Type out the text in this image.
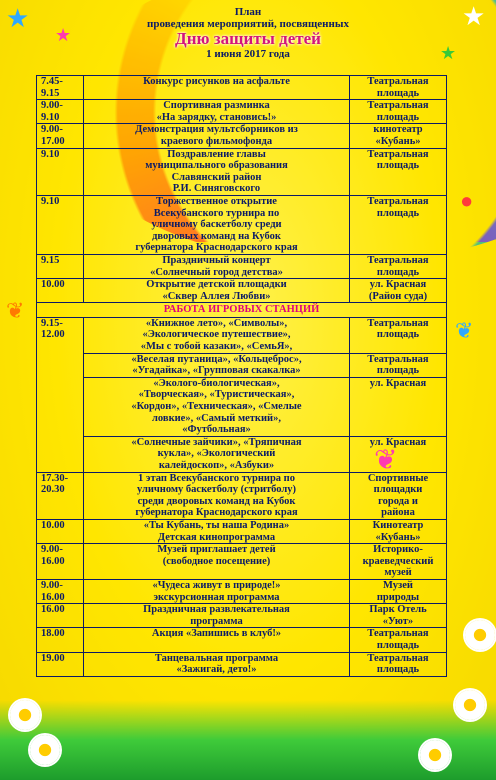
★	★
★
★
❦
●
❦
❦
План
проведения мероприятий, посвященных
Дню защиты детей
1 июня 2017 года
7.45-
9.15	Конкурс рисунков на асфальте	Театральная
площадь
9.00-
9.10	Спортивная разминка
«На зарядку, становись!»	Театральная
площадь
9.00-
17.00	Демонстрация мультсборников из
краевого фильмофонда	кинотеатр
«Кубань»
9.10	Поздравление главы
муниципального образования
Славянский район
Р.И. Синяговского	Театральная
площадь
9.10	Торжественное открытие
Всекубанского турнира по
уличному баскетболу среди
дворовых команд на Кубок
губернатора Краснодарского края	Театральная
площадь
9.15	Праздничный концерт
«Солнечный город детства»	Театральная
площадь
10.00	Открытие детской площадки
«Сквер Аллея Любви»	ул. Красная
(Район суда)
РАБОТА ИГРОВЫХ СТАНЦИЙ		
9.15-
12.00	«Книжное лето», «Символы»,
«Экологическое путешествие»,
«Мы с тобой казаки», «СемьЯ»,	Театральная
площадь
	«Веселая путаница», «Кольцеброс»,
«Угадайка», «Групповая скакалка»	Театральная
площадь
	«Эколого-биологическая»,
«Творческая», «Туристическая»,
«Кордон», «Техническая», «Смелые
ловкие», «Самый меткий»,
«Футбольная»	ул. Красная
	«Солнечные зайчики», «Тряпичная
кукла», «Экологический
калейдоскоп», «Азбуки»	ул. Красная
17.30-
20.30	1 этап Всекубанского турнира по
уличному баскетболу (стритболу)
среди дворовых команд на Кубок
губернатора Краснодарского края	Спортивные
площадки
города и
района
10.00	«Ты Кубань, ты наша Родина»
Детская кинопрограмма	Кинотеатр
«Кубань»
9.00-
16.00	Музей приглашает детей
(свободное посещение)	Историко-
краеведческий
музей
9.00-
16.00	«Чудеса живут в природе!»
экскурсионная программа	Музей
природы
16.00	Праздничная развлекательная
программа	Парк Отель
«Уют»
18.00	Акция «Запишись в клуб!»	Театральная
площадь
19.00	Танцевальная программа
«Зажигай, дето!»	Театральная
площадь
